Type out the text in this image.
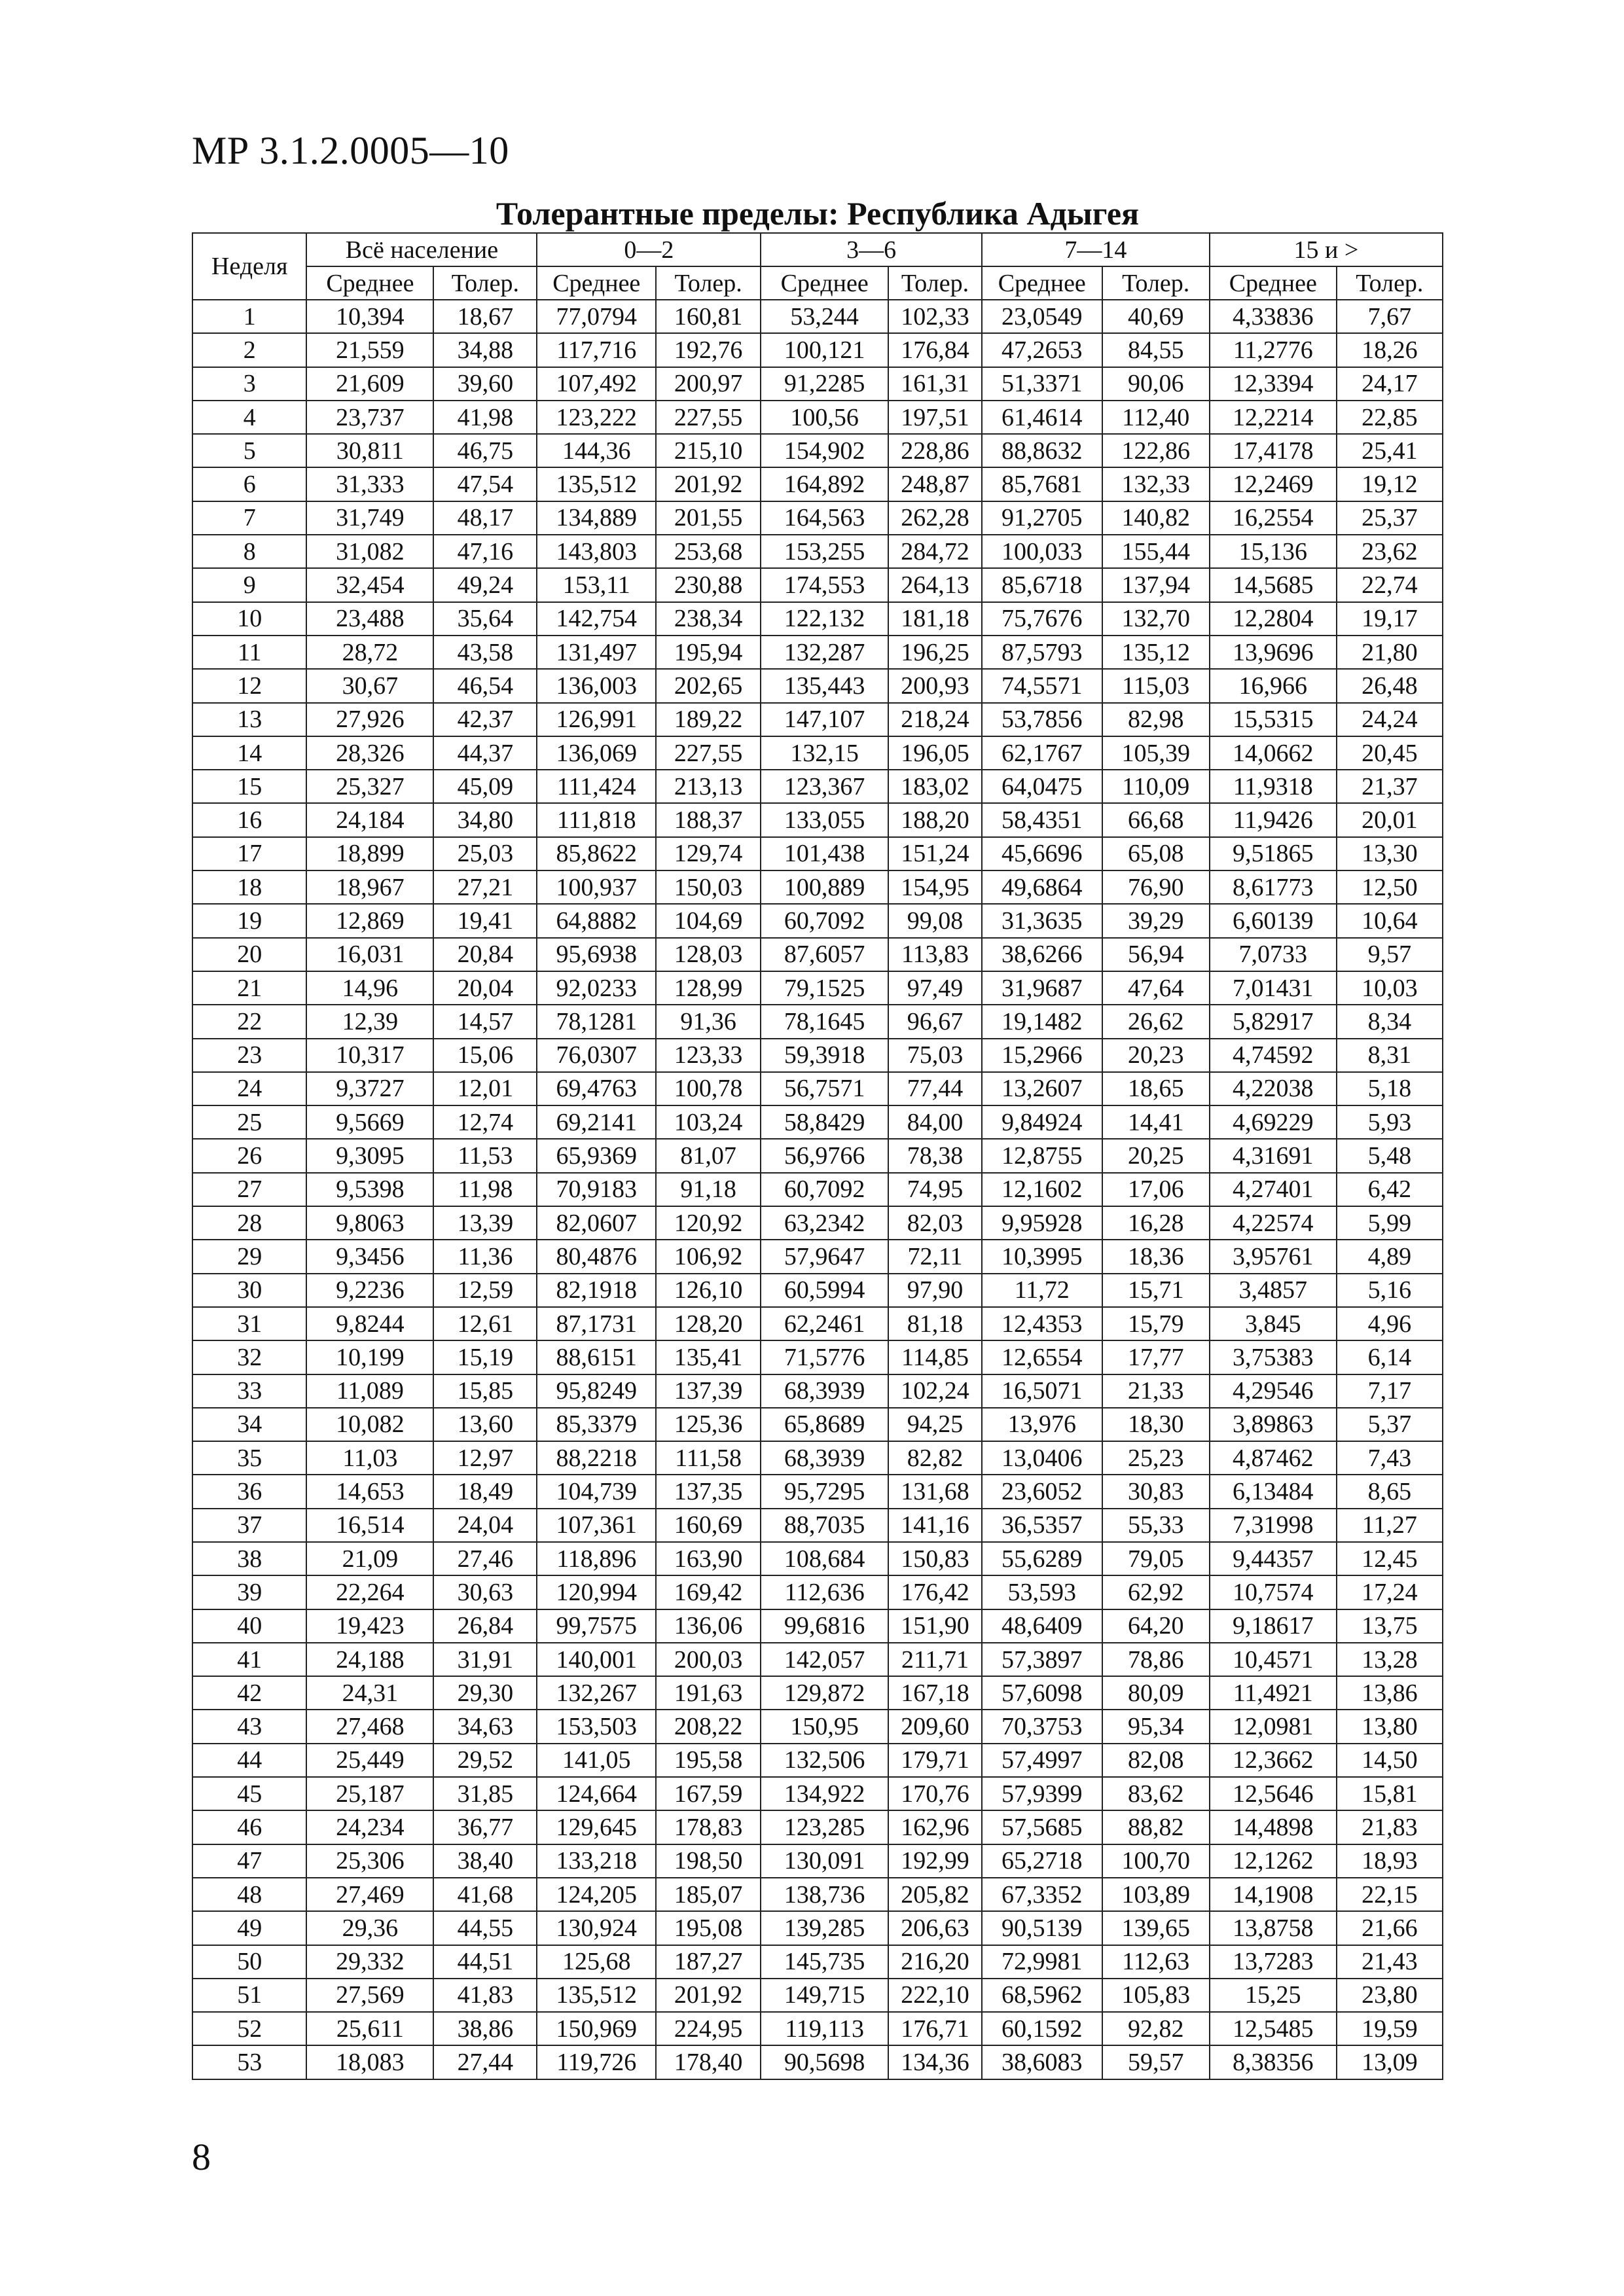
МР 3.1.2.0005—10
Толерантные пределы: Республика Адыгея
Неделя	Всё население		0—2		3—6		7—14		15 и >	
	Среднее	Толер.	Среднее	Толер.	Среднее	Толер.	Среднее	Толер.	Среднее	Толер.
1	10,394	18,67	77,0794	160,81	53,244	102,33	23,0549	40,69	4,33836	7,67
2	21,559	34,88	117,716	192,76	100,121	176,84	47,2653	84,55	11,2776	18,26
3	21,609	39,60	107,492	200,97	91,2285	161,31	51,3371	90,06	12,3394	24,17
4	23,737	41,98	123,222	227,55	100,56	197,51	61,4614	112,40	12,2214	22,85
5	30,811	46,75	144,36	215,10	154,902	228,86	88,8632	122,86	17,4178	25,41
6	31,333	47,54	135,512	201,92	164,892	248,87	85,7681	132,33	12,2469	19,12
7	31,749	48,17	134,889	201,55	164,563	262,28	91,2705	140,82	16,2554	25,37
8	31,082	47,16	143,803	253,68	153,255	284,72	100,033	155,44	15,136	23,62
9	32,454	49,24	153,11	230,88	174,553	264,13	85,6718	137,94	14,5685	22,74
10	23,488	35,64	142,754	238,34	122,132	181,18	75,7676	132,70	12,2804	19,17
11	28,72	43,58	131,497	195,94	132,287	196,25	87,5793	135,12	13,9696	21,80
12	30,67	46,54	136,003	202,65	135,443	200,93	74,5571	115,03	16,966	26,48
13	27,926	42,37	126,991	189,22	147,107	218,24	53,7856	82,98	15,5315	24,24
14	28,326	44,37	136,069	227,55	132,15	196,05	62,1767	105,39	14,0662	20,45
15	25,327	45,09	111,424	213,13	123,367	183,02	64,0475	110,09	11,9318	21,37
16	24,184	34,80	111,818	188,37	133,055	188,20	58,4351	66,68	11,9426	20,01
17	18,899	25,03	85,8622	129,74	101,438	151,24	45,6696	65,08	9,51865	13,30
18	18,967	27,21	100,937	150,03	100,889	154,95	49,6864	76,90	8,61773	12,50
19	12,869	19,41	64,8882	104,69	60,7092	99,08	31,3635	39,29	6,60139	10,64
20	16,031	20,84	95,6938	128,03	87,6057	113,83	38,6266	56,94	7,0733	9,57
21	14,96	20,04	92,0233	128,99	79,1525	97,49	31,9687	47,64	7,01431	10,03
22	12,39	14,57	78,1281	91,36	78,1645	96,67	19,1482	26,62	5,82917	8,34
23	10,317	15,06	76,0307	123,33	59,3918	75,03	15,2966	20,23	4,74592	8,31
24	9,3727	12,01	69,4763	100,78	56,7571	77,44	13,2607	18,65	4,22038	5,18
25	9,5669	12,74	69,2141	103,24	58,8429	84,00	9,84924	14,41	4,69229	5,93
26	9,3095	11,53	65,9369	81,07	56,9766	78,38	12,8755	20,25	4,31691	5,48
27	9,5398	11,98	70,9183	91,18	60,7092	74,95	12,1602	17,06	4,27401	6,42
28	9,8063	13,39	82,0607	120,92	63,2342	82,03	9,95928	16,28	4,22574	5,99
29	9,3456	11,36	80,4876	106,92	57,9647	72,11	10,3995	18,36	3,95761	4,89
30	9,2236	12,59	82,1918	126,10	60,5994	97,90	11,72	15,71	3,4857	5,16
31	9,8244	12,61	87,1731	128,20	62,2461	81,18	12,4353	15,79	3,845	4,96
32	10,199	15,19	88,6151	135,41	71,5776	114,85	12,6554	17,77	3,75383	6,14
33	11,089	15,85	95,8249	137,39	68,3939	102,24	16,5071	21,33	4,29546	7,17
34	10,082	13,60	85,3379	125,36	65,8689	94,25	13,976	18,30	3,89863	5,37
35	11,03	12,97	88,2218	111,58	68,3939	82,82	13,0406	25,23	4,87462	7,43
36	14,653	18,49	104,739	137,35	95,7295	131,68	23,6052	30,83	6,13484	8,65
37	16,514	24,04	107,361	160,69	88,7035	141,16	36,5357	55,33	7,31998	11,27
38	21,09	27,46	118,896	163,90	108,684	150,83	55,6289	79,05	9,44357	12,45
39	22,264	30,63	120,994	169,42	112,636	176,42	53,593	62,92	10,7574	17,24
40	19,423	26,84	99,7575	136,06	99,6816	151,90	48,6409	64,20	9,18617	13,75
41	24,188	31,91	140,001	200,03	142,057	211,71	57,3897	78,86	10,4571	13,28
42	24,31	29,30	132,267	191,63	129,872	167,18	57,6098	80,09	11,4921	13,86
43	27,468	34,63	153,503	208,22	150,95	209,60	70,3753	95,34	12,0981	13,80
44	25,449	29,52	141,05	195,58	132,506	179,71	57,4997	82,08	12,3662	14,50
45	25,187	31,85	124,664	167,59	134,922	170,76	57,9399	83,62	12,5646	15,81
46	24,234	36,77	129,645	178,83	123,285	162,96	57,5685	88,82	14,4898	21,83
47	25,306	38,40	133,218	198,50	130,091	192,99	65,2718	100,70	12,1262	18,93
48	27,469	41,68	124,205	185,07	138,736	205,82	67,3352	103,89	14,1908	22,15
49	29,36	44,55	130,924	195,08	139,285	206,63	90,5139	139,65	13,8758	21,66
50	29,332	44,51	125,68	187,27	145,735	216,20	72,9981	112,63	13,7283	21,43
51	27,569	41,83	135,512	201,92	149,715	222,10	68,5962	105,83	15,25	23,80
52	25,611	38,86	150,969	224,95	119,113	176,71	60,1592	92,82	12,5485	19,59
53	18,083	27,44	119,726	178,40	90,5698	134,36	38,6083	59,57	8,38356	13,09
8
